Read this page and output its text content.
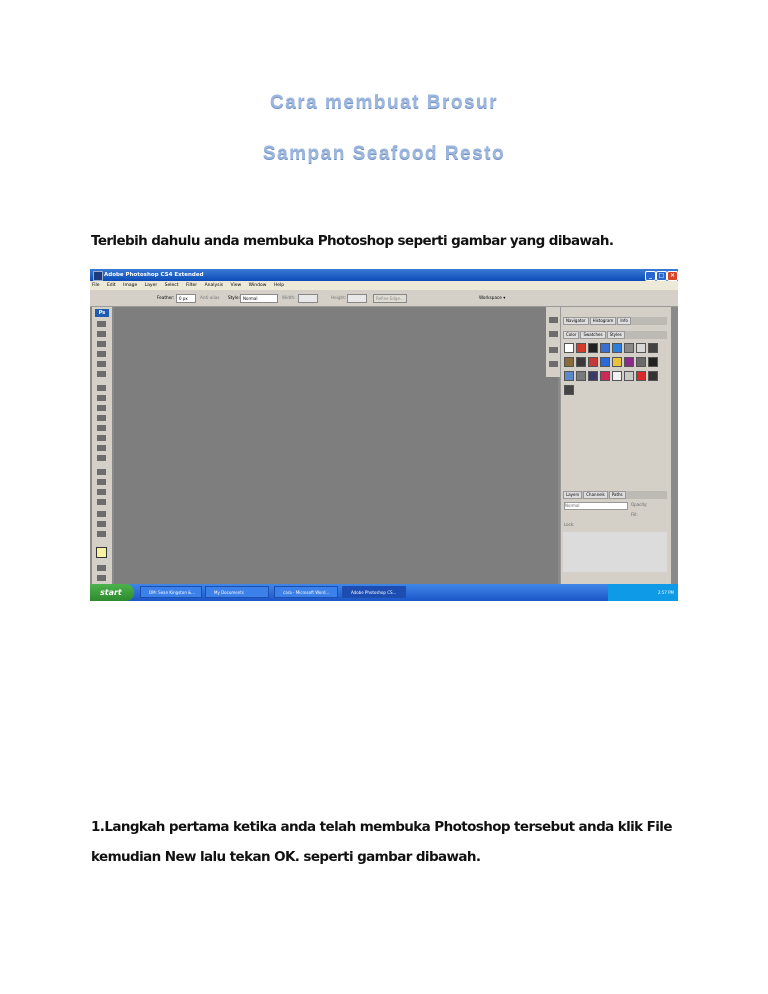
Cara membuat Brosur
Sampan Seafood Resto
Terlebih dahulu anda membuka Photoshop seperti gambar yang dibawah.
Adobe Photoshop CS4 Extended	_	□ ×
File Edit Image Layer Select Filter Analysis View Window Help
Feather:	0 px	Anti-alias Style: Normal	Width:	Height:	Refine Edge...	Workspace ▾
Ps
Navigator Histogram Info
Color Swatches Styles
Layers Channels Paths
Normal	Opacity:
Fill:
Lock:
start	DM: Sean Kingston &...	My Documents	cara - Microsoft Word...	Adobe Photoshop CS...	2:57 PM
1.Langkah pertama ketika anda telah membuka Photoshop tersebut anda klik File
kemudian New lalu tekan OK. seperti gambar dibawah.
